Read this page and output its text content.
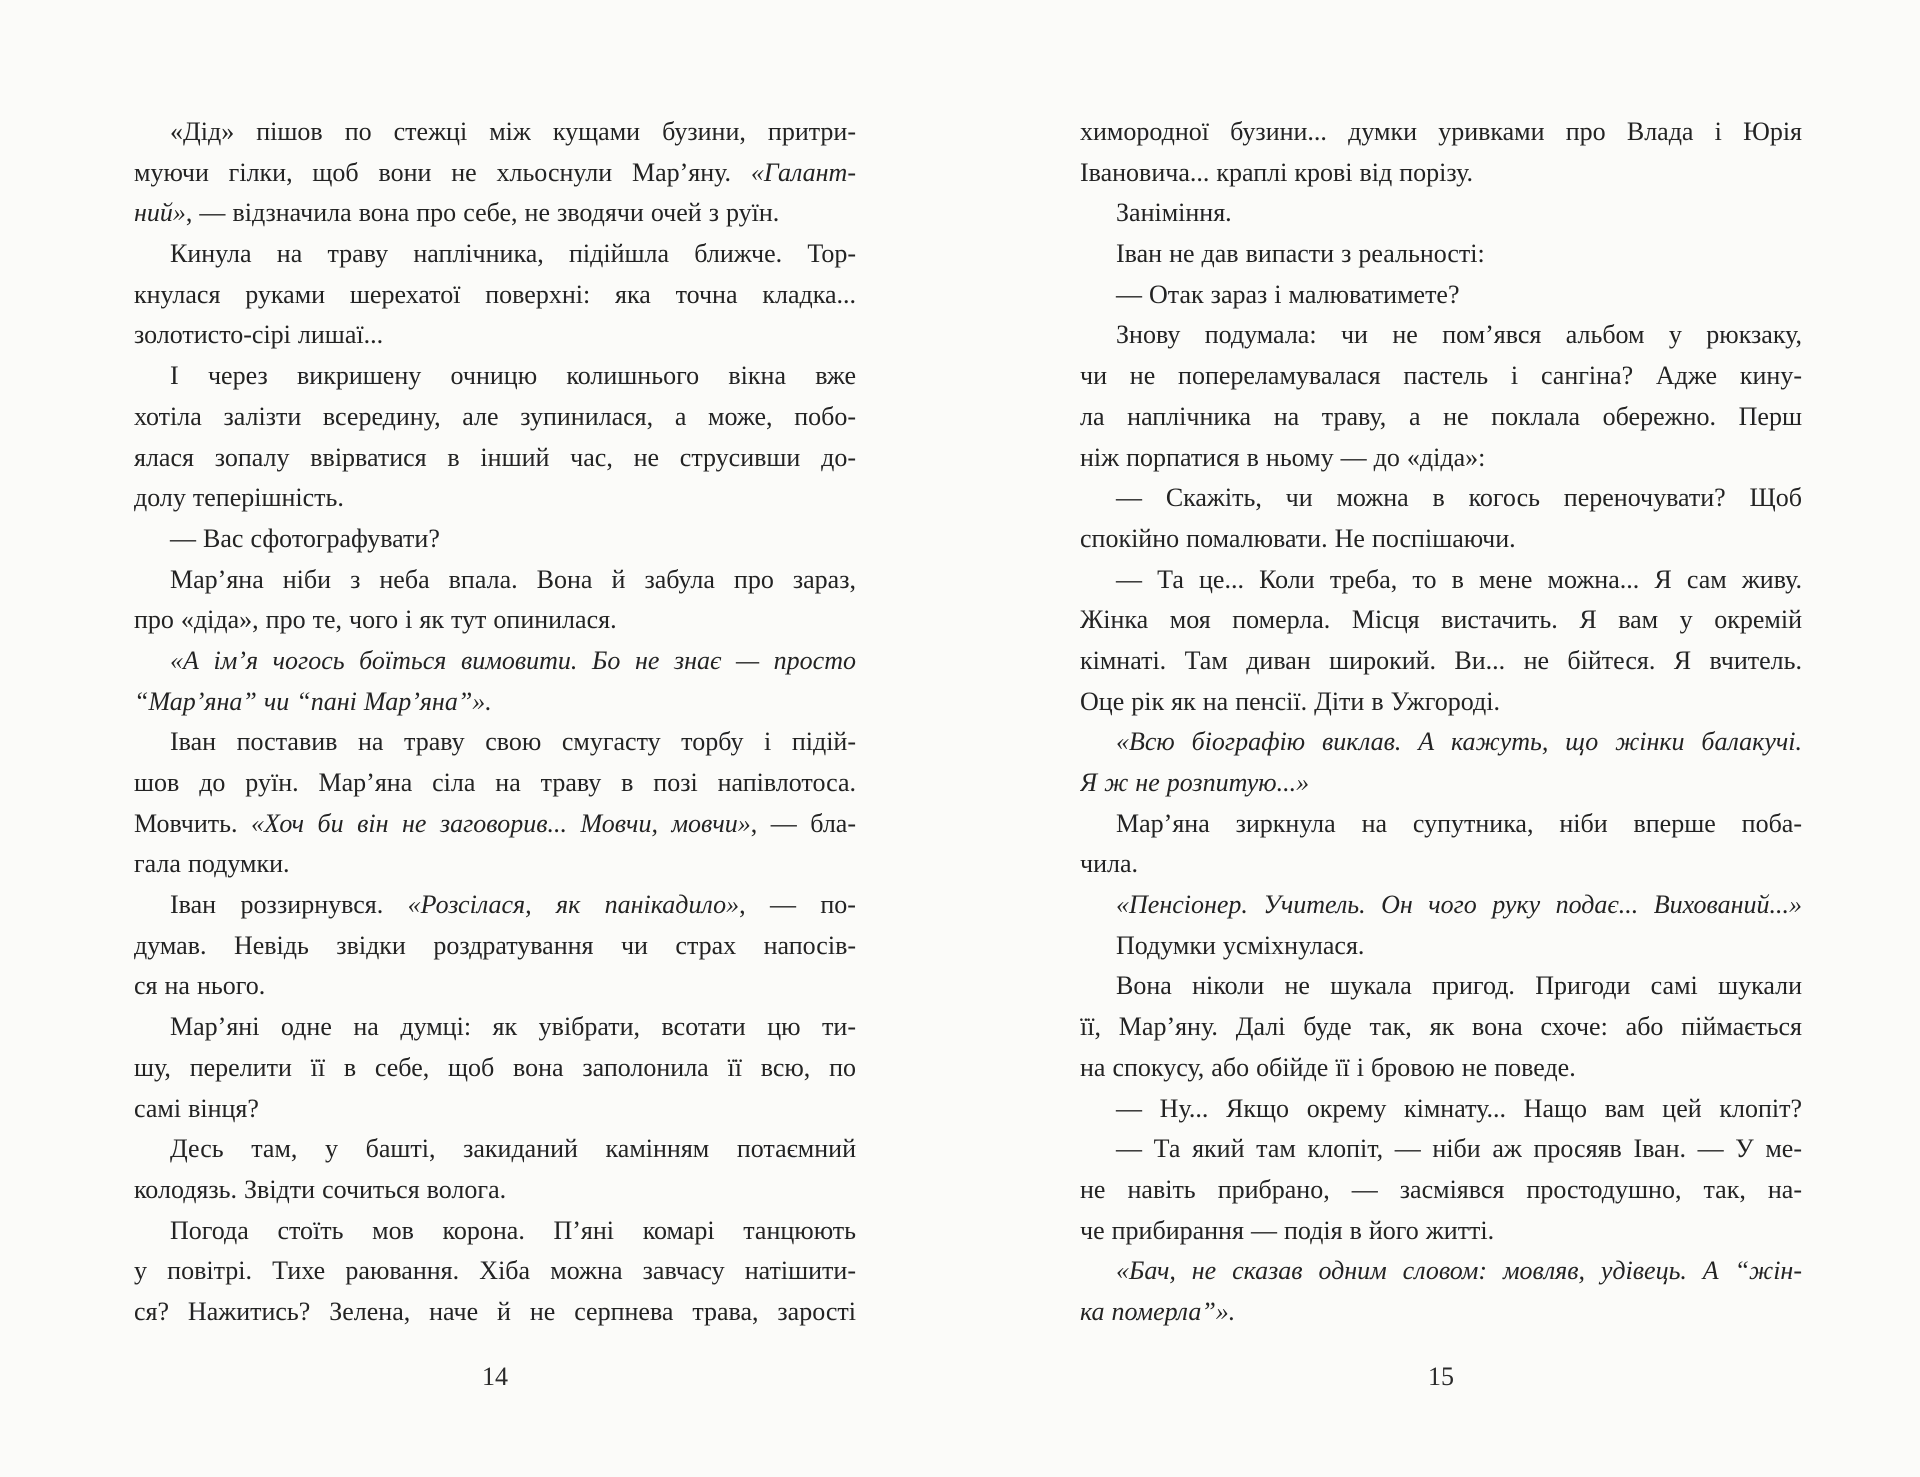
«Дід» пішов по стежці між кущами бузини, притри-
муючи гілки, щоб вони не хльоснули Мар’яну. «Галант-
ний», — відзначила вона про себе, не зводячи очей з руїн.
Кинула на траву наплічника, підійшла ближче. Тор-
кнулася руками шерехатої поверхні: яка точна кладка...
золотисто-сірі лишаї...
І через викришену очницю колишнього вікна вже
хотіла залізти всередину, але зупинилася, а може, побо-
ялася зопалу ввірватися в інший час, не струсивши до-
долу теперішність.
— Вас сфотографувати?
Мар’яна ніби з неба впала. Вона й забула про зараз,
про «діда», про те, чого і як тут опинилася.
«А ім’я чогось боїться вимовити. Бо не знає — просто
“Мар’яна” чи “пані Мар’яна”».
Іван поставив на траву свою смугасту торбу і підій-
шов до руїн. Мар’яна сіла на траву в позі напівлотоса.
Мовчить. «Хоч би він не заговорив... Мовчи, мовчи», — бла-
гала подумки.
Іван роззирнувся. «Розсілася, як панікадило», — по-
думав. Невідь звідки роздратування чи страх напосів-
ся на нього.
Мар’яні одне на думці: як увібрати, всотати цю ти-
шу, перелити її в себе, щоб вона заполонила її всю, по
самі вінця?
Десь там, у башті, закиданий камінням потаємний
колодязь. Звідти сочиться волога.
Погода стоїть мов корона. П’яні комарі танцюють
у повітрі. Тихе раювання. Хіба можна завчасу натішити-
ся? Нажитись? Зелена, наче й не серпнева трава, зарості
14
химородної бузини... думки уривками про Влада і Юрія
Івановича... краплі крові від порізу.
Заніміння.
Іван не дав випасти з реальності:
— Отак зараз і малюватимете?
Знову подумала: чи не пом’явся альбом у рюкзаку,
чи не попереламувалася пастель і сангіна? Адже кину-
ла наплічника на траву, а не поклала обережно. Перш
ніж порпатися в ньому — до «діда»:
— Скажіть, чи можна в когось переночувати? Щоб
спокійно помалювати. Не поспішаючи.
— Та це... Коли треба, то в мене можна... Я сам живу.
Жінка моя померла. Місця вистачить. Я вам у окремій
кімнаті. Там диван широкий. Ви... не бійтеся. Я вчитель.
Оце рік як на пенсії. Діти в Ужгороді.
«Всю біографію виклав. А кажуть, що жінки балакучі.
Я ж не розпитую...»
Мар’яна зиркнула на супутника, ніби вперше поба-
чила.
«Пенсіонер. Учитель. Он чого руку подає... Вихований...»
Подумки усміхнулася.
Вона ніколи не шукала пригод. Пригоди самі шукали
її, Мар’яну. Далі буде так, як вона схоче: або піймається
на спокусу, або обійде її і бровою не поведе.
— Ну... Якщо окрему кімнату... Нащо вам цей клопіт?
— Та який там клопіт, — ніби аж просяяв Іван. — У ме-
не навіть прибрано, — засміявся простодушно, так, на-
че прибирання — подія в його житті.
«Бач, не сказав одним словом: мовляв, удівець. А “жін-
ка померла”».
15
